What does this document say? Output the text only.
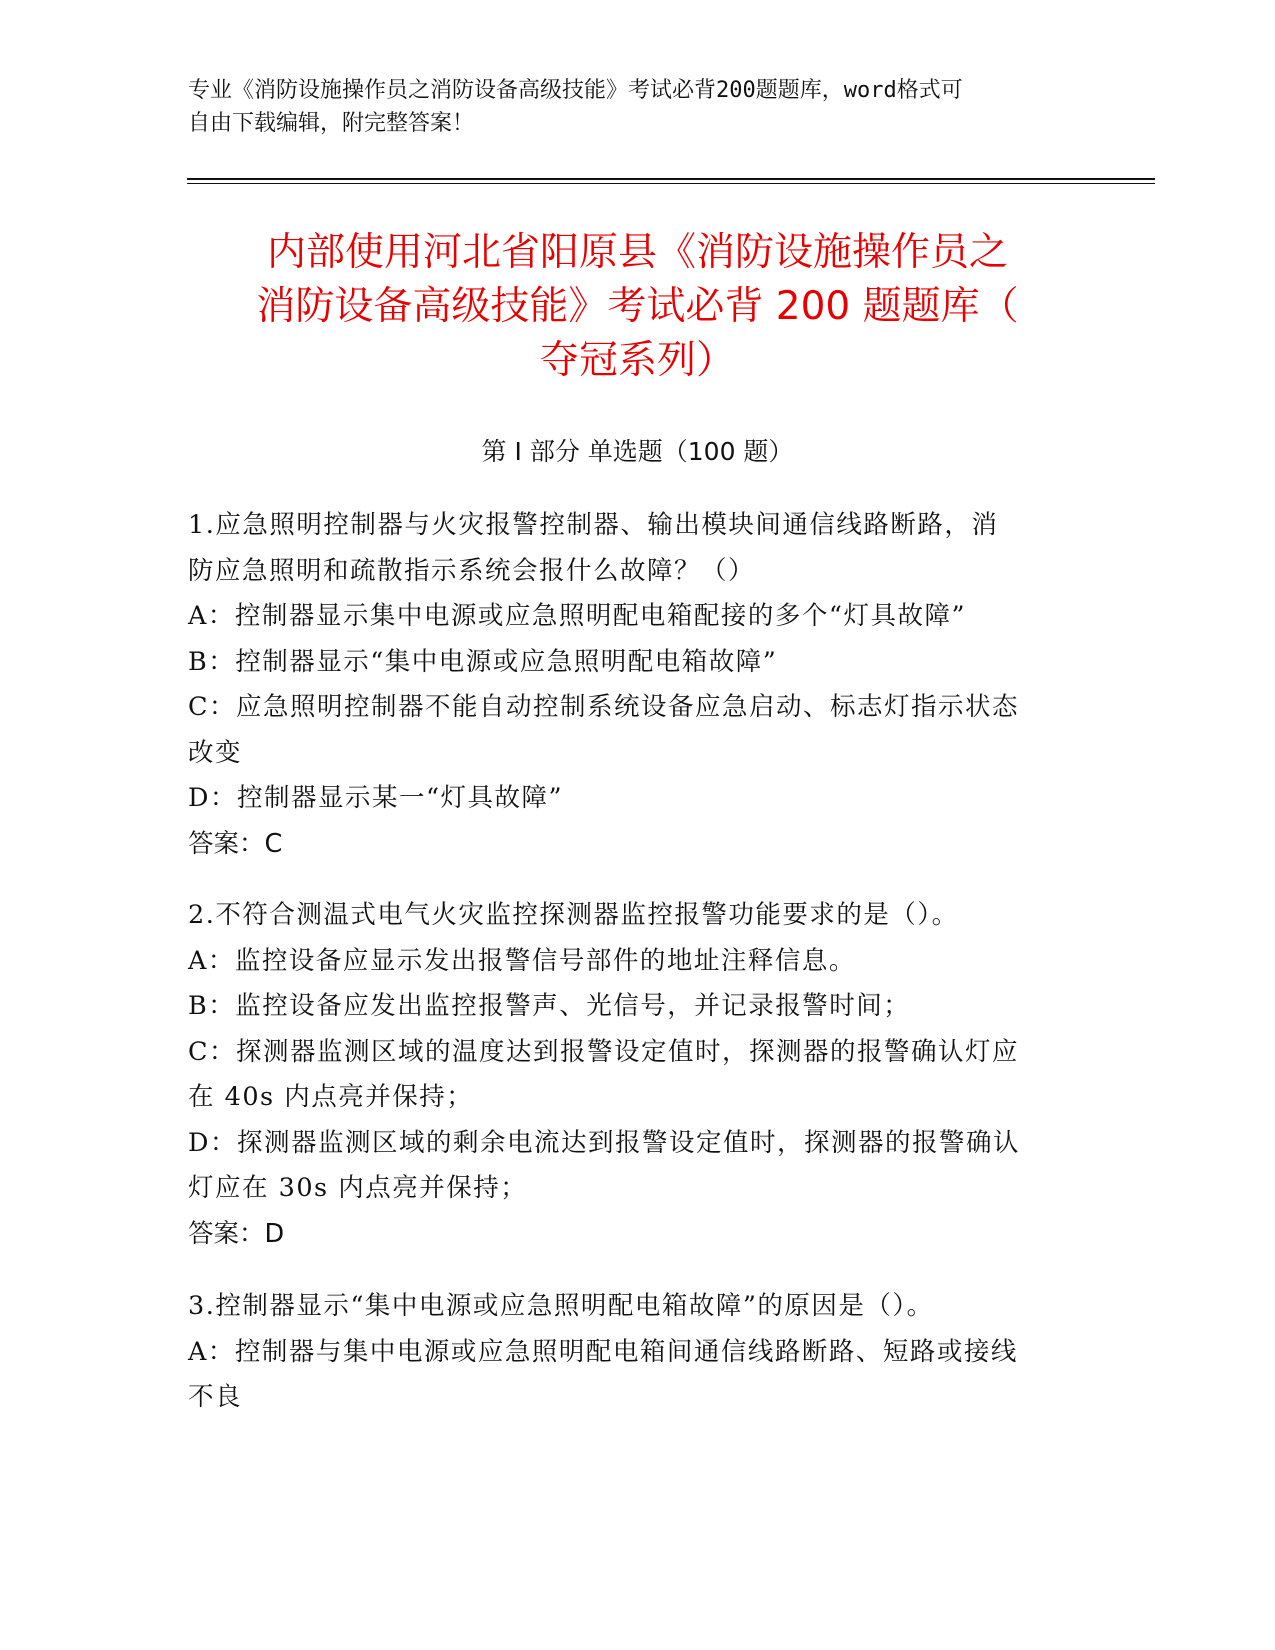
专业《消防设施操作员之消防设备高级技能》考试必背200题题库，word格式可
自由下载编辑，附完整答案！
内部使用河北省阳原县《消防设施操作员之
消防设备高级技能》考试必背 200 题题库（
夺冠系列）
第 I 部分 单选题（100 题）
1.应急照明控制器与火灾报警控制器、输出模块间通信线路断路，消
防应急照明和疏散指示系统会报什么故障？（）
A：控制器显示集中电源或应急照明配电箱配接的多个“灯具故障”
B：控制器显示“集中电源或应急照明配电箱故障”
C：应急照明控制器不能自动控制系统设备应急启动、标志灯指示状态
改变
D：控制器显示某一“灯具故障”
答案：C
2.不符合测温式电气火灾监控探测器监控报警功能要求的是（）。
A：监控设备应显示发出报警信号部件的地址注释信息。
B：监控设备应发出监控报警声、光信号，并记录报警时间；
C：探测器监测区域的温度达到报警设定值时，探测器的报警确认灯应
在 40s 内点亮并保持；
D：探测器监测区域的剩余电流达到报警设定值时，探测器的报警确认
灯应在 30s 内点亮并保持；
答案：D
3.控制器显示“集中电源或应急照明配电箱故障”的原因是（）。
A：控制器与集中电源或应急照明配电箱间通信线路断路、短路或接线
不良
